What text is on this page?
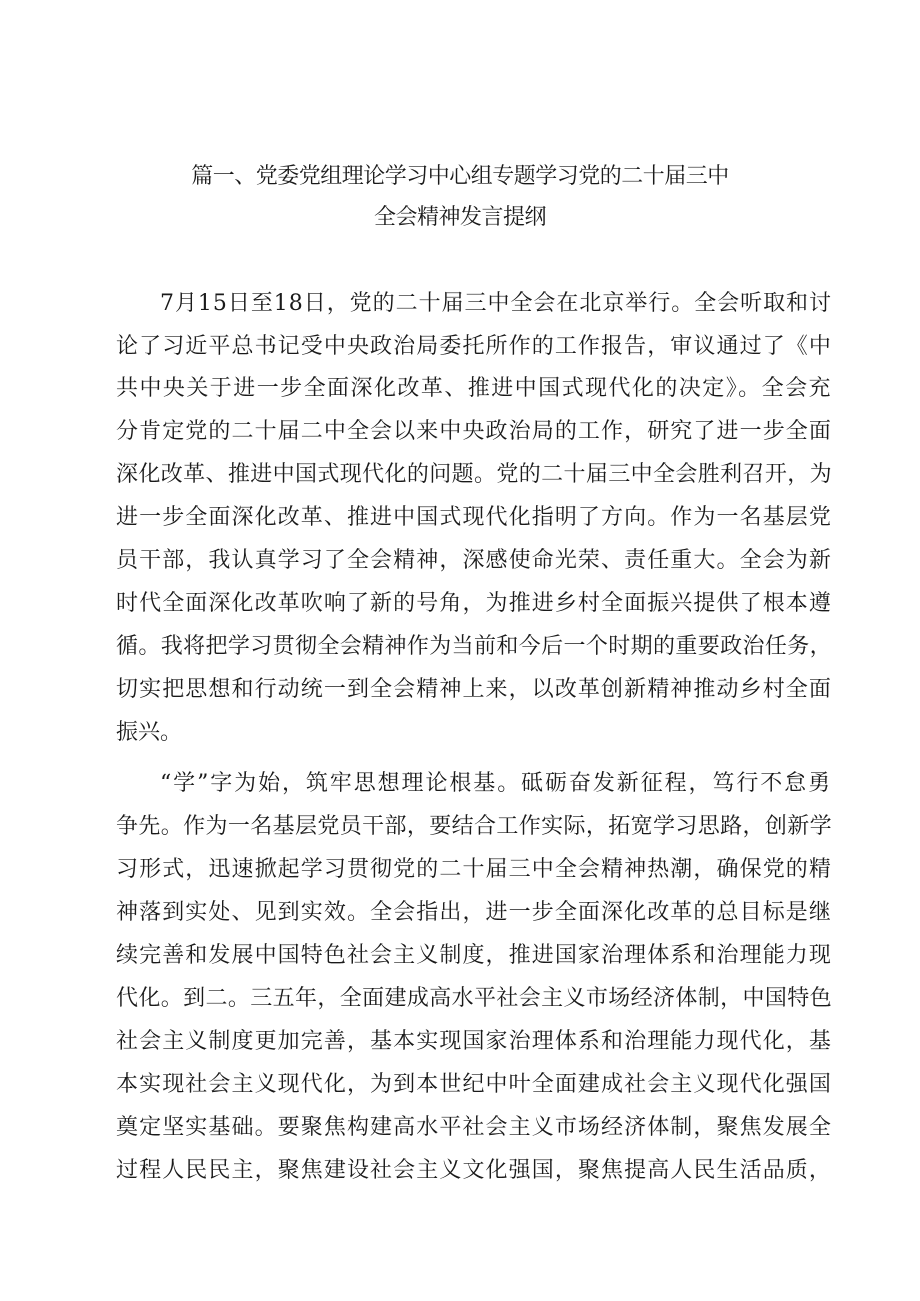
篇一、党委党组理论学习中心组专题学习党的二十届三中
全会精神发言提纲
7月15日至18日，党的二十届三中全会在北京举行。全会听取和讨
论了习近平总书记受中央政治局委托所作的工作报告，审议通过了《中
共中央关于进一步全面深化改革、推进中国式现代化的决定》。全会充
分肯定党的二十届二中全会以来中央政治局的工作，研究了进一步全面
深化改革、推进中国式现代化的问题。党的二十届三中全会胜利召开，为
进一步全面深化改革、推进中国式现代化指明了方向。作为一名基层党
员干部，我认真学习了全会精神，深感使命光荣、责任重大。全会为新
时代全面深化改革吹响了新的号角，为推进乡村全面振兴提供了根本遵
循。我将把学习贯彻全会精神作为当前和今后一个时期的重要政治任务，
切实把思想和行动统一到全会精神上来，以改革创新精神推动乡村全面
振兴。
“学”字为始，筑牢思想理论根基。砥砺奋发新征程，笃行不怠勇
争先。作为一名基层党员干部，要结合工作实际，拓宽学习思路，创新学
习形式，迅速掀起学习贯彻党的二十届三中全会精神热潮，确保党的精
神落到实处、见到实效。全会指出，进一步全面深化改革的总目标是继
续完善和发展中国特色社会主义制度，推进国家治理体系和治理能力现
代化。到二。三五年，全面建成高水平社会主义市场经济体制，中国特色
社会主义制度更加完善，基本实现国家治理体系和治理能力现代化，基
本实现社会主义现代化，为到本世纪中叶全面建成社会主义现代化强国
奠定坚实基础。要聚焦构建高水平社会主义市场经济体制，聚焦发展全
过程人民民主，聚焦建设社会主义文化强国，聚焦提高人民生活品质，
